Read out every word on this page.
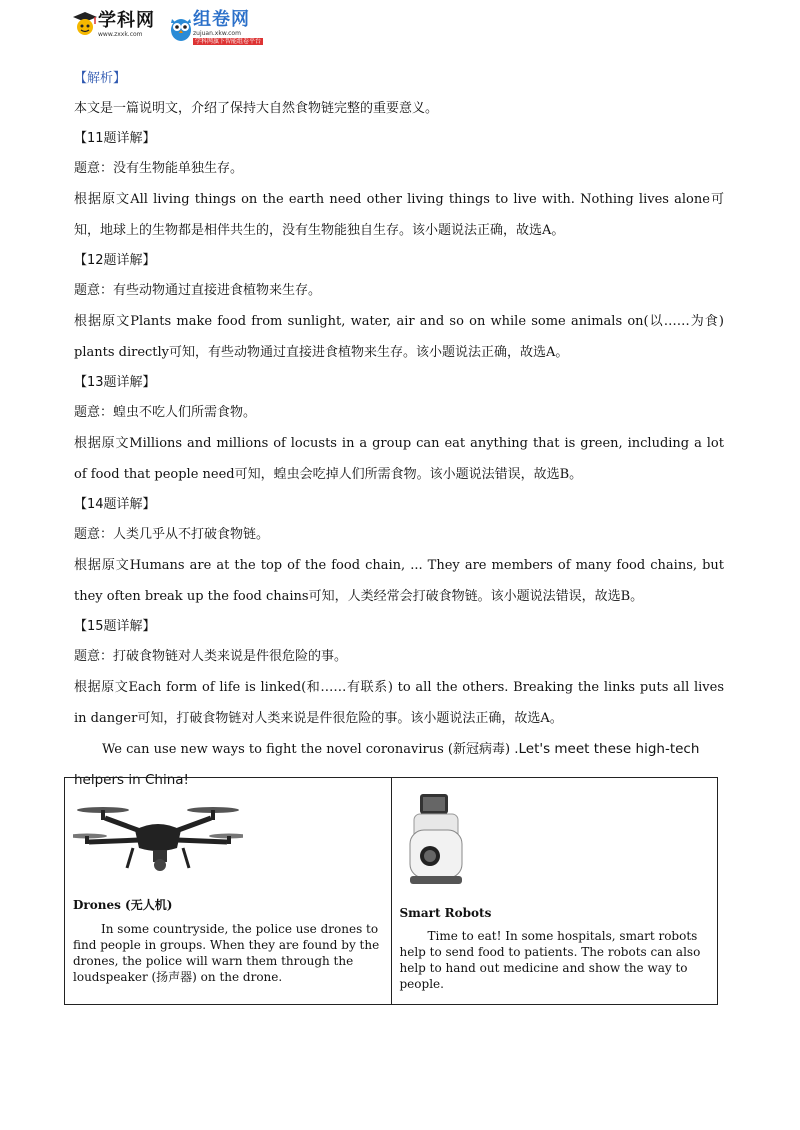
学科网
www.zxxk.com
组卷网
zujuan.xkw.com
学科网旗下智能组卷平台
【解析】
本文是一篇说明文，介绍了保持大自然食物链完整的重要意义。
【11题详解】
题意：没有生物能单独生存。
根据原文All living things on the earth need other living things to live with. Nothing lives alone可知，地球上的生物都是相伴共生的，没有生物能独自生存。该小题说法正确，故选A。
【12题详解】
题意：有些动物通过直接进食植物来生存。
根据原文Plants make food from sunlight, water, air and so on while some animals on(以……为食) plants directly可知，有些动物通过直接进食植物来生存。该小题说法正确，故选A。
【13题详解】
题意：蝗虫不吃人们所需食物。
根据原文Millions and millions of locusts in a group can eat anything that is green, including a lot of food that people need可知，蝗虫会吃掉人们所需食物。该小题说法错误，故选B。
【14题详解】
题意：人类几乎从不打破食物链。
根据原文Humans are at the top of the food chain, ... They are members of many food chains, but they often break up the food chains可知，人类经常会打破食物链。该小题说法错误，故选B。
【15题详解】
题意：打破食物链对人类来说是件很危险的事。
根据原文Each form of life is linked(和……有联系) to all the others. Breaking the links puts all lives in danger可知，打破食物链对人类来说是件很危险的事。该小题说法正确，故选A。
We can use new ways to fight the novel coronavirus (新冠病毒) .Let's meet these high-tech helpers in China!
Drones (无人机)

In some countryside, the police use drones to find people in groups. When they are found by the drones, the police will warn them through the loudspeaker (扬声器) on the drone.

Smart Robots

Time to eat! In some hospitals, smart robots help to send food to patients. The robots can also help to hand out medicine and show the way to people.
